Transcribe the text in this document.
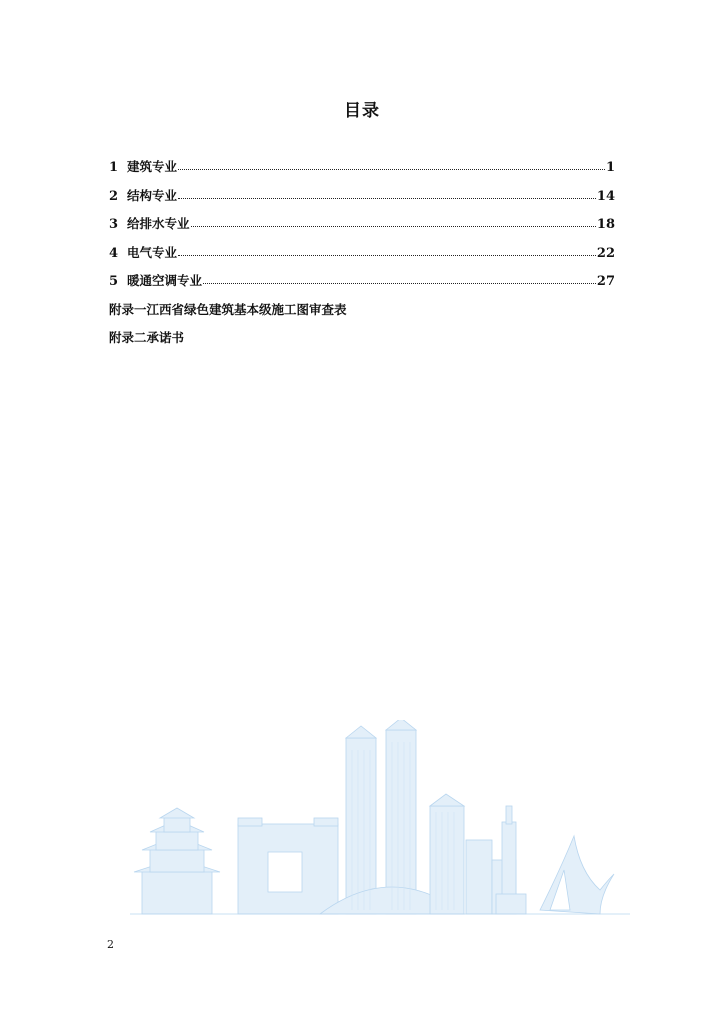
目录
1 建筑专业	1
2 结构专业	14
3 给排水专业	18
4 电气专业	22
5 暖通空调专业	27
附录一江西省绿色建筑基本级施工图审查表
附录二承诺书
2
